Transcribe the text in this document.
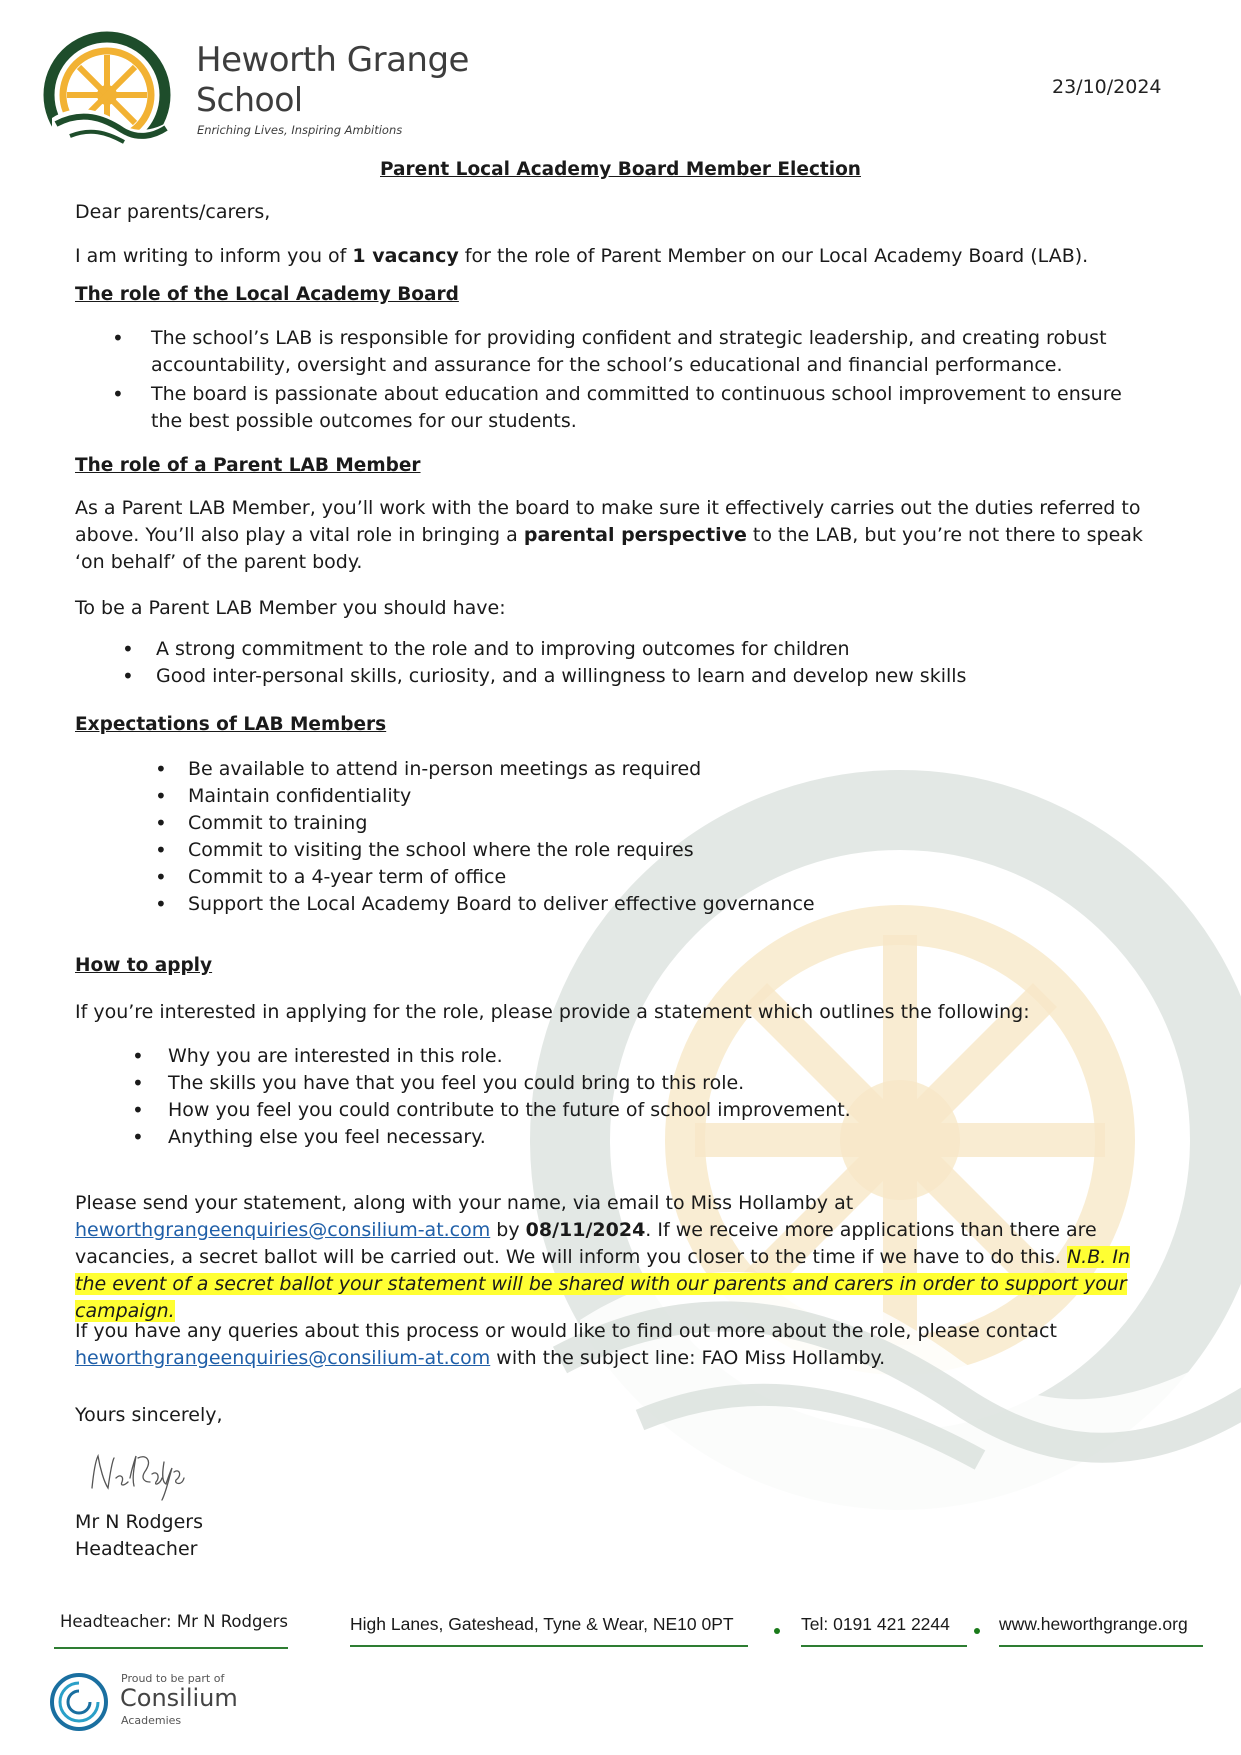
Heworth Grange
School
Enriching Lives, Inspiring Ambitions
23/10/2024
Parent Local Academy Board Member Election
Dear parents/carers,
I am writing to inform you of 1 vacancy for the role of Parent Member on our Local Academy Board (LAB).
The role of the Local Academy Board
• The school’s LAB is responsible for providing confident and strategic leadership, and creating robust accountability, oversight and assurance for the school’s educational and financial performance.
• The board is passionate about education and committed to continuous school improvement to ensure the best possible outcomes for our students.
The role of a Parent LAB Member
As a Parent LAB Member, you’ll work with the board to make sure it effectively carries out the duties referred to above. You’ll also play a vital role in bringing a parental perspective to the LAB, but you’re not there to speak ‘on behalf’ of the parent body.
To be a Parent LAB Member you should have:
• A strong commitment to the role and to improving outcomes for children
• Good inter-personal skills, curiosity, and a willingness to learn and develop new skills
Expectations of LAB Members
• Be available to attend in-person meetings as required
• Maintain confidentiality
• Commit to training
• Commit to visiting the school where the role requires
• Commit to a 4-year term of office
• Support the Local Academy Board to deliver effective governance
How to apply
If you’re interested in applying for the role, please provide a statement which outlines the following:
• Why you are interested in this role.
• The skills you have that you feel you could bring to this role.
• How you feel you could contribute to the future of school improvement.
• Anything else you feel necessary.
Please send your statement, along with your name, via email to Miss Hollamby at heworthgrangeenquiries@consilium-at.com by 08/11/2024. If we receive more applications than there are vacancies, a secret ballot will be carried out. We will inform you closer to the time if we have to do this. N.B. In the event of a secret ballot your statement will be shared with our parents and carers in order to support your campaign.
If you have any queries about this process or would like to find out more about the role, please contact heworthgrangeenquiries@consilium-at.com with the subject line: FAO Miss Hollamby.
Yours sincerely,
Mr N Rodgers
Headteacher
Headteacher: Mr N Rodgers	High Lanes, Gateshead, Tyne & Wear, NE10 0PT	Tel: 0191 421 2244	www.heworthgrange.org
Proud to be part of
Consilium
Academies
